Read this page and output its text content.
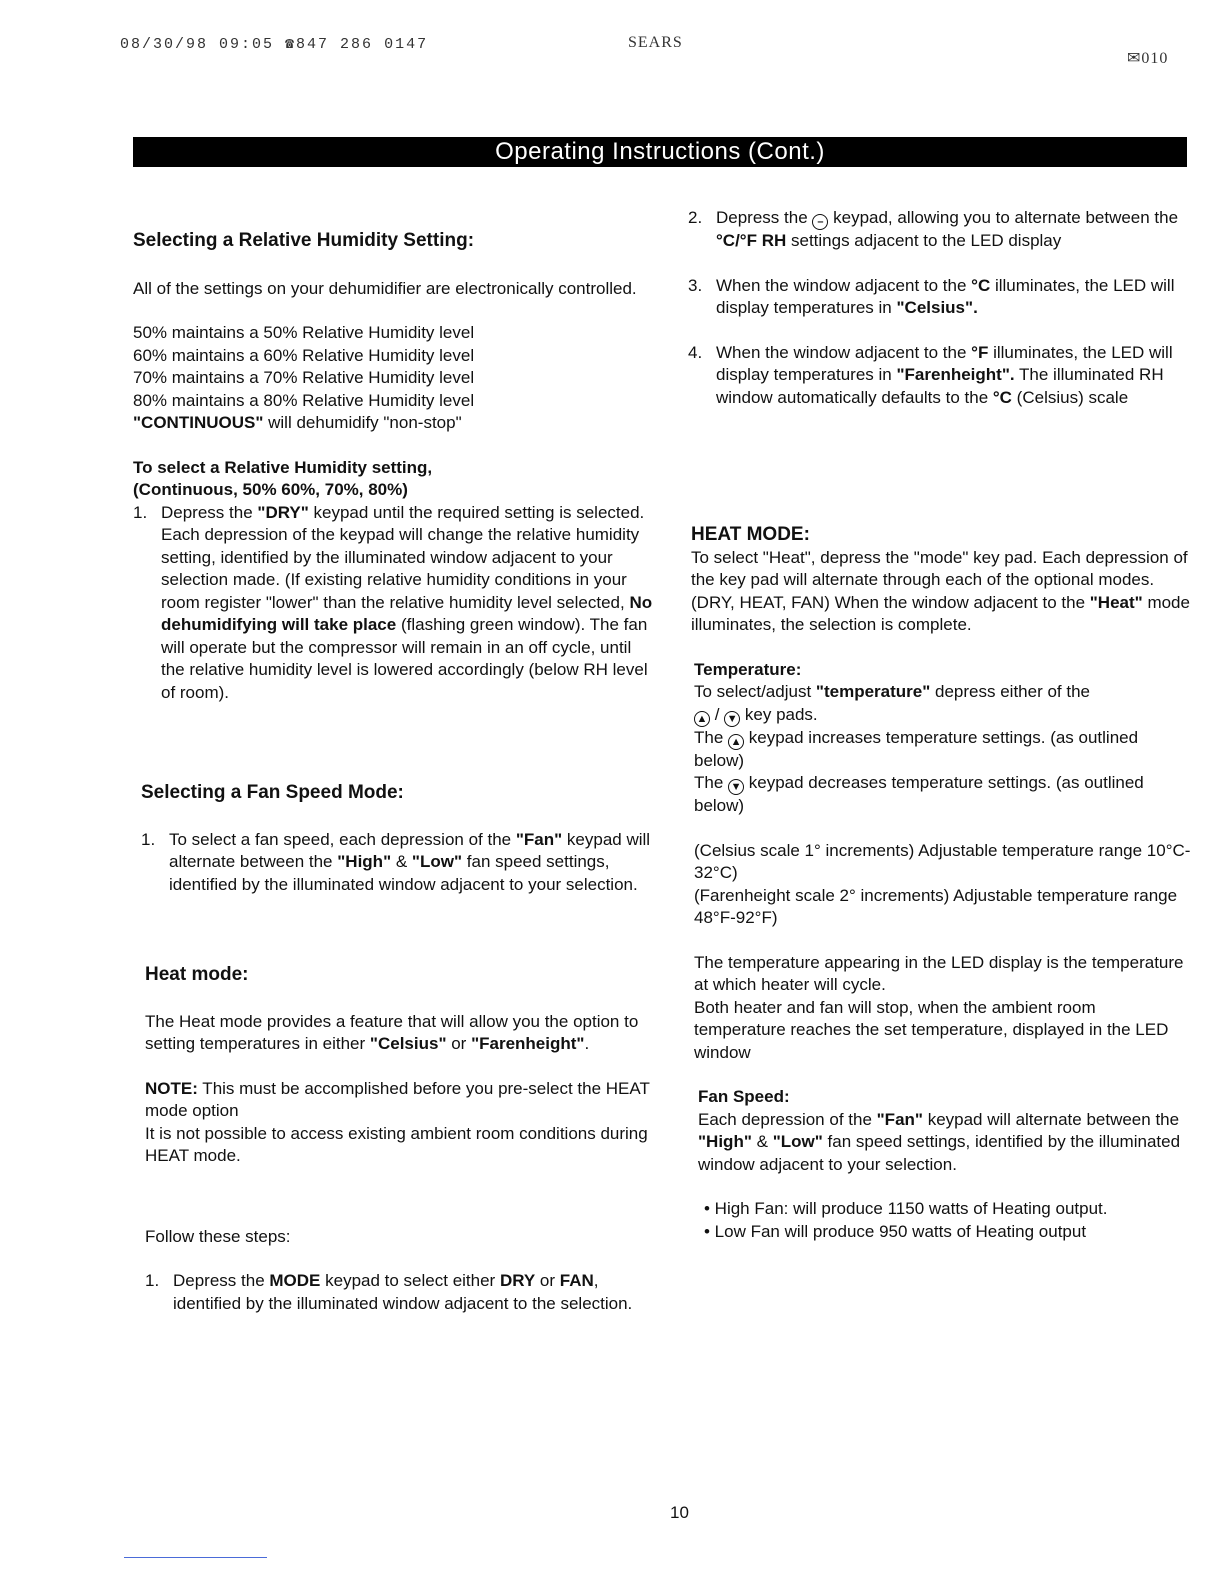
08/30/98 09:05 ☎847 286 0147	SEARS
✉010
Operating Instructions (Cont.)

Selecting a Relative Humidity Setting:

All of the settings on your dehumidifier are electronically controlled.

50% maintains a 50% Relative Humidity level

60% maintains a 60% Relative Humidity level

70% maintains a 70% Relative Humidity level

80% maintains a 80% Relative Humidity level

"CONTINUOUS" will dehumidify "non-stop"

To select a Relative Humidity setting,

(Continuous, 50% 60%, 70%, 80%)

1. Depress the "DRY" keypad until the required setting is selected. Each depression of the keypad will change the relative humidity setting, identified by the illuminated window adjacent to your selection made. (If existing relative humidity conditions in your room register "lower" than the relative humidity level selected, No dehumidifying will take place (flashing green window). The fan will operate but the compressor will remain in an off cycle, until the relative humidity level is lowered accordingly (below RH level of room).

Selecting a Fan Speed Mode:

1. To select a fan speed, each depression of the "Fan" keypad will alternate between the "High" & "Low" fan speed settings, identified by the illuminated window adjacent to your selection.

Heat mode:

The Heat mode provides a feature that will allow you the option to setting temperatures in either "Celsius" or "Farenheight".

NOTE: This must be accomplished before you pre-select the HEAT mode option

It is not possible to access existing ambient room conditions during HEAT mode.

Follow these steps:

1. Depress the MODE keypad to select either DRY or FAN, identified by the illuminated window adjacent to the selection.
2. Depress the – keypad, allowing you to alternate between the °C/°F RH settings adjacent to the LED display
3. When the window adjacent to the °C illuminates, the LED will display temperatures in "Celsius".
4. When the window adjacent to the °F illuminates, the LED will display temperatures in "Farenheight". The illuminated RH window automatically defaults to the °C (Celsius) scale

HEAT MODE:

To select "Heat", depress the "mode" key pad. Each depression of the key pad will alternate through each of the optional modes. (DRY, HEAT, FAN) When the window adjacent to the "Heat" mode illuminates, the selection is complete.

Temperature:

To select/adjust "temperature" depress either of the

▲ / ▼ key pads.

The ▲ keypad increases temperature settings. (as outlined below)

The ▼ keypad decreases temperature settings. (as outlined below)

(Celsius scale 1° increments) Adjustable temperature range 10°C-32°C)

(Farenheight scale 2° increments) Adjustable temperature range 48°F-92°F)

The temperature appearing in the LED display is the temperature at which heater will cycle.

Both heater and fan will stop, when the ambient room temperature reaches the set temperature, displayed in the LED window

Fan Speed:

Each depression of the "Fan" keypad will alternate between the "High" & "Low" fan speed settings, identified by the illuminated window adjacent to your selection.

• High Fan: will produce 1150 watts of Heating output.

• Low Fan will produce 950 watts of Heating output

10
